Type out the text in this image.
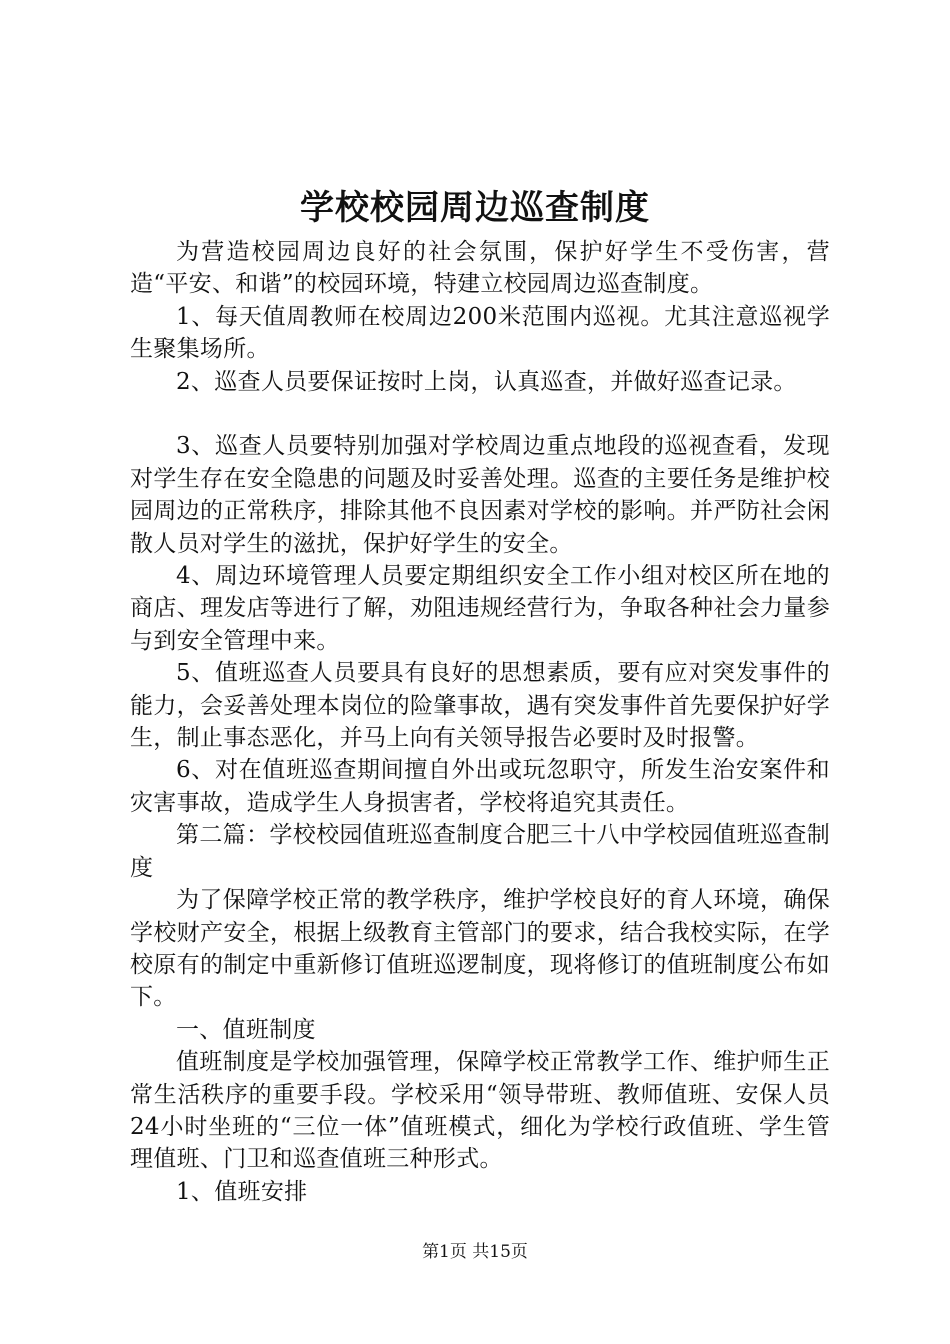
学校校园周边巡查制度

为营造校园周边良好的社会氛围，保护好学生不受伤害，营造“平安、和谐”的校园环境，特建立校园周边巡查制度。

1、每天值周教师在校周边200米范围内巡视。尤其注意巡视学生聚集场所。

2、巡查人员要保证按时上岗，认真巡查，并做好巡查记录。

3、巡查人员要特别加强对学校周边重点地段的巡视查看，发现对学生存在安全隐患的问题及时妥善处理。巡查的主要任务是维护校园周边的正常秩序，排除其他不良因素对学校的影响。并严防社会闲散人员对学生的滋扰，保护好学生的安全。

4、周边环境管理人员要定期组织安全工作小组对校区所在地的商店、理发店等进行了解，劝阻违规经营行为，争取各种社会力量参与到安全管理中来。

5、值班巡查人员要具有良好的思想素质，要有应对突发事件的能力，会妥善处理本岗位的险肇事故，遇有突发事件首先要保护好学生，制止事态恶化，并马上向有关领导报告必要时及时报警。

6、对在值班巡查期间擅自外出或玩忽职守，所发生治安案件和灾害事故，造成学生人身损害者，学校将追究其责任。

第二篇：学校校园值班巡查制度合肥三十八中学校园值班巡查制度

为了保障学校正常的教学秩序，维护学校良好的育人环境，确保学校财产安全，根据上级教育主管部门的要求，结合我校实际，在学校原有的制定中重新修订值班巡逻制度，现将修订的值班制度公布如下。

一、值班制度

值班制度是学校加强管理，保障学校正常教学工作、维护师生正常生活秩序的重要手段。学校采用“领导带班、教师值班、安保人员24小时坐班的“三位一体”值班模式，细化为学校行政值班、学生管理值班、门卫和巡查值班三种形式。

1、值班安排

第1页 共15页
